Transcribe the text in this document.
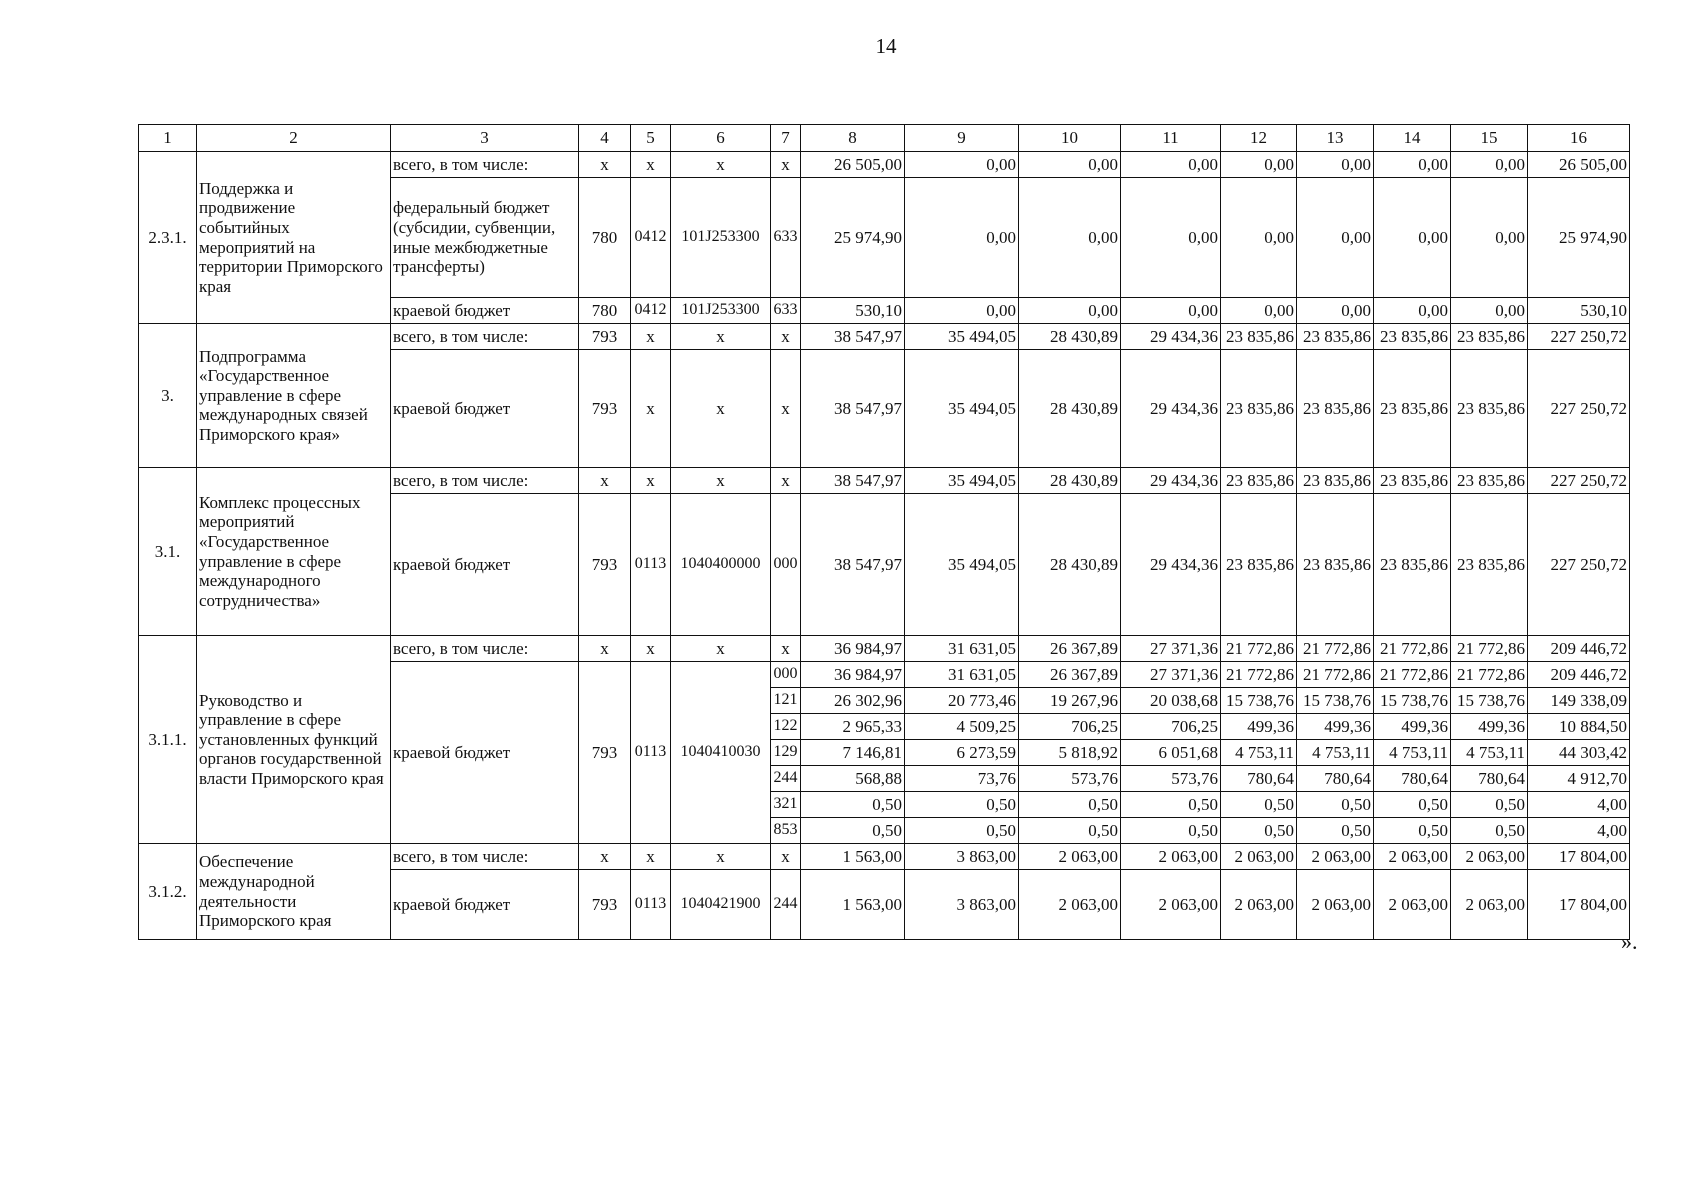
14
1	2	3	4	5	6	7	8	9	10	11	12	13	14	15	16
2.3.1.	Поддержка и продвижение событийных мероприятий на территории Приморского края	всего, в том числе:	x	x	x	x	26 505,00	0,00	0,00	0,00	0,00	0,00	0,00	0,00	26 505,00
		федеральный бюджет (субсидии, субвенции, иные межбюджетные трансферты)	780	0412	101J253300	633	25 974,90	0,00	0,00	0,00	0,00	0,00	0,00	0,00	25 974,90
		краевой бюджет	780	0412	101J253300	633	530,10	0,00	0,00	0,00	0,00	0,00	0,00	0,00	530,10
3.	Подпрограмма «Государственное управление в сфере международных связей Приморского края»	всего, в том числе:	793	x	x	x	38 547,97	35 494,05	28 430,89	29 434,36	23 835,86	23 835,86	23 835,86	23 835,86	227 250,72
		краевой бюджет	793	x	x	x	38 547,97	35 494,05	28 430,89	29 434,36	23 835,86	23 835,86	23 835,86	23 835,86	227 250,72
3.1.	Комплекс процессных мероприятий «Государственное управление в сфере международного сотрудничества»	всего, в том числе:	x	x	x	x	38 547,97	35 494,05	28 430,89	29 434,36	23 835,86	23 835,86	23 835,86	23 835,86	227 250,72
		краевой бюджет	793	0113	1040400000	000	38 547,97	35 494,05	28 430,89	29 434,36	23 835,86	23 835,86	23 835,86	23 835,86	227 250,72
3.1.1.	Руководство и управление в сфере установленных функций органов государственной власти Приморского края	всего, в том числе:	x	x	x	x	36 984,97	31 631,05	26 367,89	27 371,36	21 772,86	21 772,86	21 772,86	21 772,86	209 446,72
		краевой бюджет	793	0113	1040410030	000	36 984,97	31 631,05	26 367,89	27 371,36	21 772,86	21 772,86	21 772,86	21 772,86	209 446,72
						121	26 302,96	20 773,46	19 267,96	20 038,68	15 738,76	15 738,76	15 738,76	15 738,76	149 338,09
						122	2 965,33	4 509,25	706,25	706,25	499,36	499,36	499,36	499,36	10 884,50
						129	7 146,81	6 273,59	5 818,92	6 051,68	4 753,11	4 753,11	4 753,11	4 753,11	44 303,42
						244	568,88	73,76	573,76	573,76	780,64	780,64	780,64	780,64	4 912,70
						321	0,50	0,50	0,50	0,50	0,50	0,50	0,50	0,50	4,00
						853	0,50	0,50	0,50	0,50	0,50	0,50	0,50	0,50	4,00
3.1.2.	Обеспечение международной деятельности Приморского края	всего, в том числе:	x	x	x	x	1 563,00	3 863,00	2 063,00	2 063,00	2 063,00	2 063,00	2 063,00	2 063,00	17 804,00
		краевой бюджет	793	0113	1040421900	244	1 563,00	3 863,00	2 063,00	2 063,00	2 063,00	2 063,00	2 063,00	2 063,00	17 804,00
».
